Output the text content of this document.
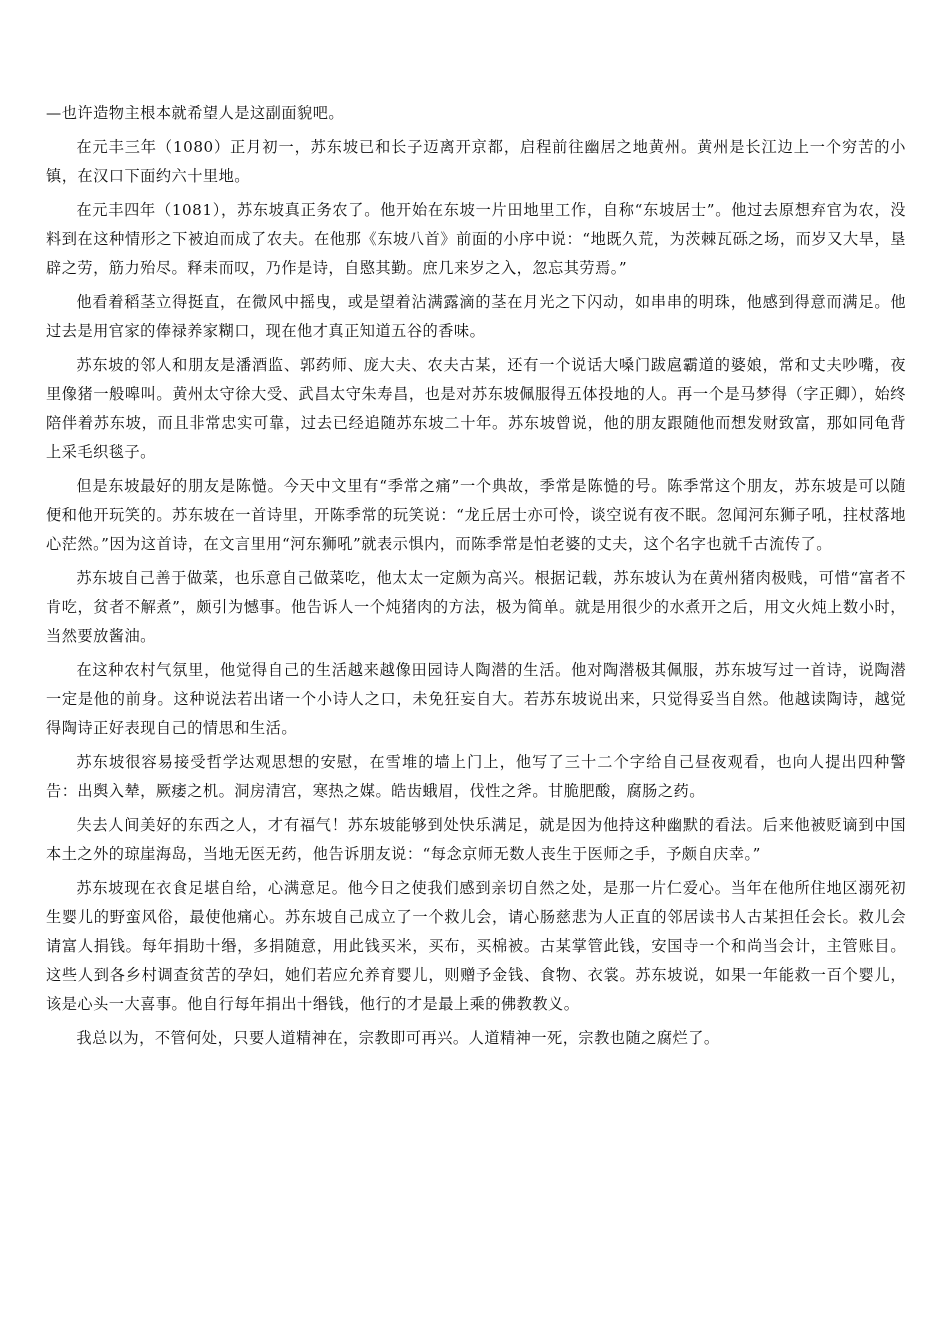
—也许造物主根本就希望人是这副面貌吧。

在元丰三年（1080）正月初一，苏东坡已和长子迈离开京都，启程前往幽居之地黄州。黄州是长江边上一个穷苦的小镇，在汉口下面约六十里地。

在元丰四年（1081），苏东坡真正务农了。他开始在东坡一片田地里工作，自称“东坡居士”。他过去原想弃官为农，没料到在这种情形之下被迫而成了农夫。在他那《东坡八首》前面的小序中说：“地既久荒，为茨棘瓦砾之场，而岁又大旱，垦辟之劳，筋力殆尽。释耒而叹，乃作是诗，自愍其勤。庶几来岁之入，忽忘其劳焉。”

他看着稻茎立得挺直，在微风中摇曳，或是望着沾满露滴的茎在月光之下闪动，如串串的明珠，他感到得意而满足。他过去是用官家的俸禄养家糊口，现在他才真正知道五谷的香味。

苏东坡的邻人和朋友是潘酒监、郭药师、庞大夫、农夫古某，还有一个说话大嗓门跋扈霸道的婆娘，常和丈夫吵嘴，夜里像猪一般嗥叫。黄州太守徐大受、武昌太守朱寿昌，也是对苏东坡佩服得五体投地的人。再一个是马梦得（字正卿），始终陪伴着苏东坡，而且非常忠实可靠，过去已经追随苏东坡二十年。苏东坡曾说，他的朋友跟随他而想发财致富，那如同龟背上采毛织毯子。

但是东坡最好的朋友是陈慥。今天中文里有“季常之痛”一个典故，季常是陈慥的号。陈季常这个朋友，苏东坡是可以随便和他开玩笑的。苏东坡在一首诗里，开陈季常的玩笑说：“龙丘居士亦可怜，谈空说有夜不眠。忽闻河东狮子吼，拄杖落地心茫然。”因为这首诗，在文言里用“河东狮吼”就表示惧内，而陈季常是怕老婆的丈夫，这个名字也就千古流传了。

苏东坡自己善于做菜，也乐意自己做菜吃，他太太一定颇为高兴。根据记载，苏东坡认为在黄州猪肉极贱，可惜“富者不肯吃，贫者不解煮”，颇引为憾事。他告诉人一个炖猪肉的方法，极为简单。就是用很少的水煮开之后，用文火炖上数小时，当然要放酱油。

在这种农村气氛里，他觉得自己的生活越来越像田园诗人陶潜的生活。他对陶潜极其佩服，苏东坡写过一首诗，说陶潜一定是他的前身。这种说法若出诸一个小诗人之口，未免狂妄自大。若苏东坡说出来，只觉得妥当自然。他越读陶诗，越觉得陶诗正好表现自己的情思和生活。

苏东坡很容易接受哲学达观思想的安慰，在雪堆的墙上门上，他写了三十二个字给自己昼夜观看，也向人提出四种警告：出舆入辇，厥痿之机。洞房清宫，寒热之媒。皓齿蛾眉，伐性之斧。甘脆肥酸，腐肠之药。

失去人间美好的东西之人，才有福气！苏东坡能够到处快乐满足，就是因为他持这种幽默的看法。后来他被贬谪到中国本土之外的琼崖海岛，当地无医无药，他告诉朋友说：“每念京师无数人丧生于医师之手，予颇自庆幸。”

苏东坡现在衣食足堪自给，心满意足。他今日之使我们感到亲切自然之处，是那一片仁爱心。当年在他所住地区溺死初生婴儿的野蛮风俗，最使他痛心。苏东坡自己成立了一个救儿会，请心肠慈悲为人正直的邻居读书人古某担任会长。救儿会请富人捐钱。每年捐助十缗，多捐随意，用此钱买米，买布，买棉被。古某掌管此钱，安国寺一个和尚当会计，主管账目。这些人到各乡村调查贫苦的孕妇，她们若应允养育婴儿，则赠予金钱、食物、衣裳。苏东坡说，如果一年能救一百个婴儿，该是心头一大喜事。他自行每年捐出十缗钱，他行的才是最上乘的佛教教义。

我总以为，不管何处，只要人道精神在，宗教即可再兴。人道精神一死，宗教也随之腐烂了。
